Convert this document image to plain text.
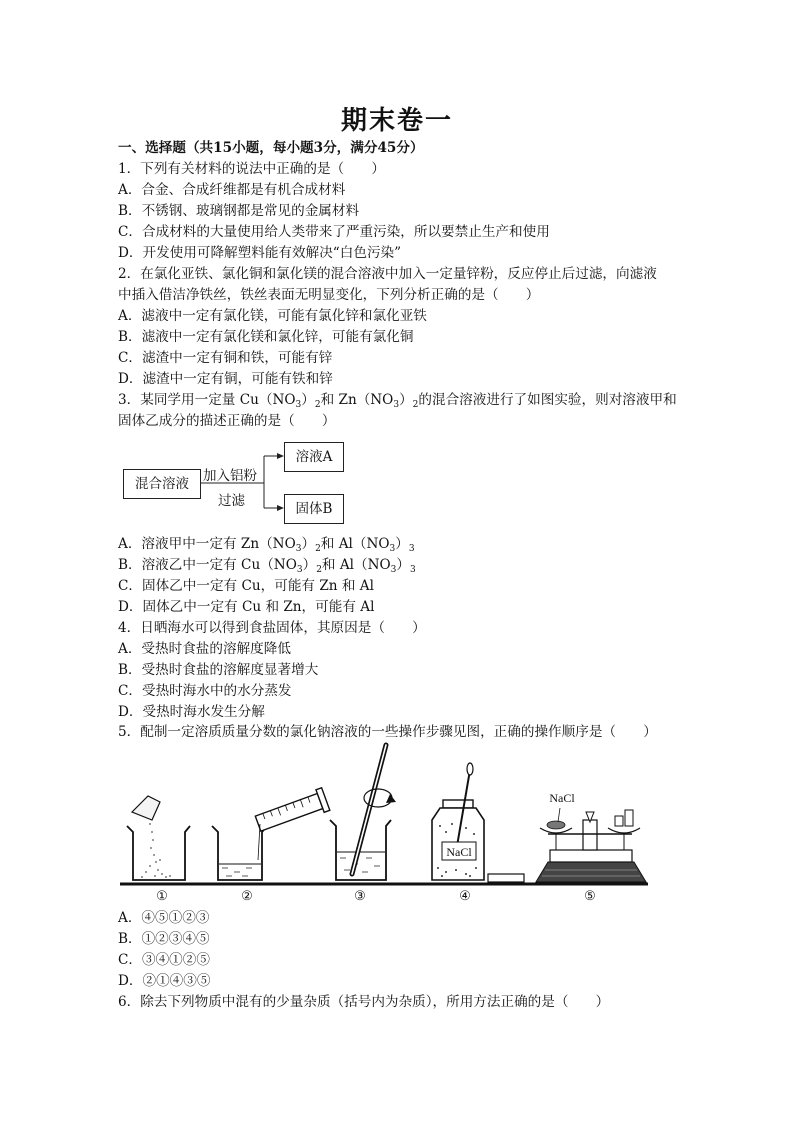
期末卷一
一、选择题（共15小题，每小题3分，满分45分）
1．下列有关材料的说法中正确的是（　　）
A．合金、合成纤维都是有机合成材料
B．不锈钢、玻璃钢都是常见的金属材料
C．合成材料的大量使用给人类带来了严重污染，所以要禁止生产和使用
D．开发使用可降解塑料能有效解决“白色污染”
2．在氯化亚铁、氯化铜和氯化镁的混合溶液中加入一定量锌粉，反应停止后过滤，向滤液
中插入借洁净铁丝，铁丝表面无明显变化，下列分析正确的是（　　）
A．滤液中一定有氯化镁，可能有氯化锌和氯化亚铁
B．滤液中一定有氯化镁和氯化锌，可能有氯化铜
C．滤渣中一定有铜和铁，可能有锌
D．滤渣中一定有铜，可能有铁和锌
3．某同学用一定量 $Cu(NO_3)_2$和 $Zn(NO_3)_2$的混合溶液进行了如图实验，则对溶液甲和
固体乙成分的描述正确的是（　　）
混合溶液	加入铝粉
过滤
溶液A
固体B
A．溶液甲中一定有 $Zn(NO_3)_2$和 $Al(NO_3)_3$
B．溶液乙中一定有 $Cu(NO_3)_2$和 $Al(NO_3)_3$
C．固体乙中一定有 Cu，可能有 Zn 和 Al
D．固体乙中一定有 Cu 和 Zn，可能有 Al
4．日晒海水可以得到食盐固体，其原因是（　　）
A．受热时食盐的溶解度降低
B．受热时食盐的溶解度显著增大
C．受热时海水中的水分蒸发
D．受热时海水发生分解
5．配制一定溶质质量分数的氯化钠溶液的一些操作步骤见图，正确的操作顺序是（　　）
NaCl
NaCl
①	②	③	④	⑤
A．④⑤①②③
B．①②③④⑤
C．③④①②⑤
D．②①④③⑤
6．除去下列物质中混有的少量杂质（括号内为杂质），所用方法正确的是（　　）
